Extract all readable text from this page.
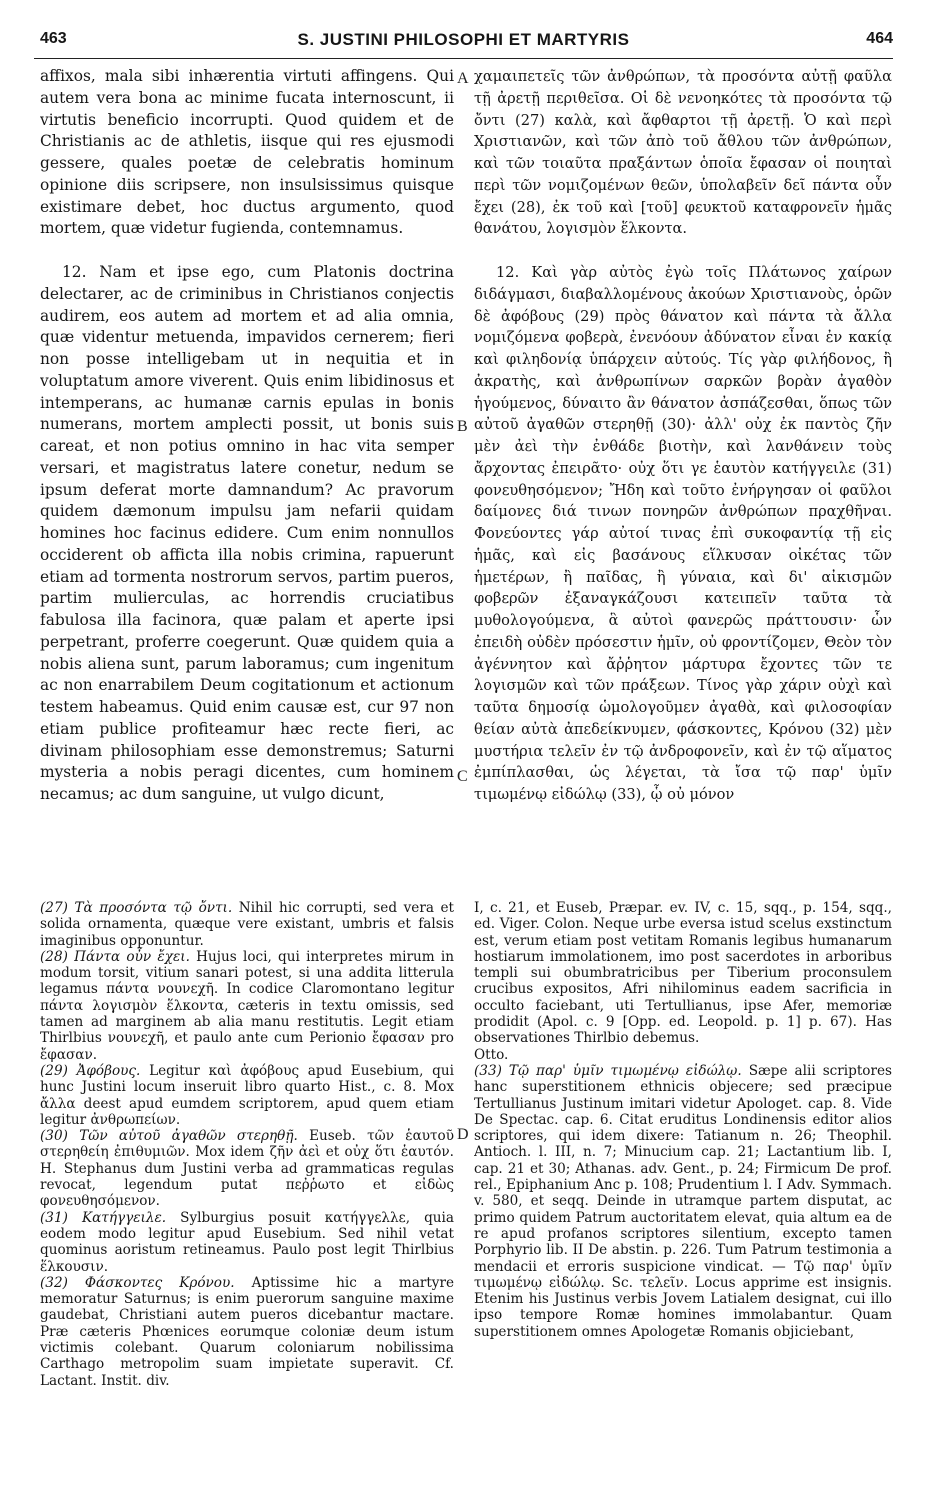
463	S. JUSTINI PHILOSOPHI ET MARTYRIS	464

affixos, mala sibi inhærentia virtuti affingens. Qui autem vera bona ac minime fucata internoscunt, ii virtutis beneficio incorrupti. Quod quidem et de Christianis ac de athletis, iisque qui res ejusmodi gessere, quales poetæ de celebratis hominum opinione diis scripsere, non insulsissimus quisque existimare debet, hoc ductus argumento, quod mortem, quæ videtur fugienda, contemnamus.

12. Nam et ipse ego, cum Platonis doctrina delectarer, ac de criminibus in Christianos conjectis audirem, eos autem ad mortem et ad alia omnia, quæ videntur metuenda, impavidos cernerem; fieri non posse intelligebam ut in nequitia et in voluptatum amore viverent. Quis enim libidinosus et intemperans, ac humanæ carnis epulas in bonis numerans, mortem amplecti possit, ut bonis suis careat, et non potius omnino in hac vita semper versari, et magistratus latere conetur, nedum se ipsum deferat morte damnandum? Ac pravorum quidem dæmonum impulsu jam nefarii quidam homines hoc facinus edidere. Cum enim nonnullos occiderent ob afficta illa nobis crimina, rapuerunt etiam ad tormenta nostrorum servos, partim pueros, partim mulierculas, ac horrendis cruciatibus fabulosa illa facinora, quæ palam et aperte ipsi perpetrant, proferre coegerunt. Quæ quidem quia a nobis aliena sunt, parum laboramus; cum ingenitum ac non enarrabilem Deum cogitationum et actionum testem habeamus. Quid enim causæ est, cur 97 non etiam publice profiteamur hæc recte fieri, ac divinam philosophiam esse demonstremus; Saturni mysteria a nobis peragi dicentes, cum hominem necamus; ac dum sanguine, ut vulgo dicunt,

χαμαιπετεῖς τῶν ἀνθρώπων, τὰ προσόντα αὐτῇ φαῦλα τῇ ἀρετῇ περιθεῖσα. Οἱ δὲ νενοηκότες τὰ προσόντα τῷ ὄντι (27) καλὰ, καὶ ἄφθαρτοι τῇ ἀρετῇ. Ὁ καὶ περὶ Χριστιανῶν, καὶ τῶν ἀπὸ τοῦ ἄθλου τῶν ἀνθρώπων, καὶ τῶν τοιαῦτα πραξάντων ὁποῖα ἔφασαν οἱ ποιηταὶ περὶ τῶν νομιζομένων θεῶν, ὑπολαβεῖν δεῖ πάντα οὖν ἔχει (28), ἐκ τοῦ καὶ [τοῦ] φευκτοῦ καταφρονεῖν ἡμᾶς θανάτου, λογισμὸν ἕλκοντα.

12. Καὶ γὰρ αὐτὸς ἐγὼ τοῖς Πλάτωνος χαίρων διδάγμασι, διαβαλλομένους ἀκούων Χριστιανοὺς, ὁρῶν δὲ ἀφόβους (29) πρὸς θάνατον καὶ πάντα τὰ ἄλλα νομιζόμενα φοβερὰ, ἐνενόουν ἀδύνατον εἶναι ἐν κακίᾳ καὶ φιληδονίᾳ ὑπάρχειν αὐτούς. Τίς γὰρ φιλήδονος, ἢ ἀκρατὴς, καὶ ἀνθρωπίνων σαρκῶν βορὰν ἀγαθὸν ἡγούμενος, δύναιτο ἂν θάνατον ἀσπάζεσθαι, ὅπως τῶν αὐτοῦ ἀγαθῶν στερηθῇ (30)· ἀλλ' οὐχ ἐκ παντὸς ζῆν μὲν ἀεὶ τὴν ἐνθάδε βιοτὴν, καὶ λανθάνειν τοὺς ἄρχοντας ἐπειρᾶτο· οὐχ ὅτι γε ἑαυτὸν κατήγγειλε (31) φονευθησόμενον; Ἤδη καὶ τοῦτο ἐνήργησαν οἱ φαῦλοι δαίμονες διά τινων πονηρῶν ἀνθρώπων πραχθῆναι. Φονεύοντες γάρ αὐτοί τινας ἐπὶ συκοφαντίᾳ τῇ εἰς ἡμᾶς, καὶ εἰς βασάνους εἵλκυσαν οἰκέτας τῶν ἡμετέρων, ἢ παῖδας, ἢ γύναια, καὶ δι' αἰκισμῶν φοβερῶν ἐξαναγκάζουσι κατειπεῖν ταῦτα τὰ μυθολογούμενα, ἃ αὐτοὶ φανερῶς πράττουσιν· ὧν ἐπειδὴ οὐδὲν πρόσεστιν ἡμῖν, οὐ φροντίζομεν, Θεὸν τὸν ἀγέννητον καὶ ἄῤῥητον μάρτυρα ἔχοντες τῶν τε λογισμῶν καὶ τῶν πράξεων. Τίνος γὰρ χάριν οὐχὶ καὶ ταῦτα δημοσίᾳ ὡμολογοῦμεν ἀγαθὰ, καὶ φιλοσοφίαν θείαν αὐτὰ ἀπεδείκνυμεν, φάσκοντες, Κρόνου (32) μὲν μυστήρια τελεῖν ἐν τῷ ἀνδροφονεῖν, καὶ ἐν τῷ αἵματος ἐμπίπλασθαι, ὡς λέγεται, τὰ ἴσα τῷ παρ' ὑμῖν τιμωμένῳ εἰδώλῳ (33), ᾧ οὐ μόνον

A
B
C
D

(27) Τὰ προσόντα τῷ ὄντι. Nihil hic corrupti, sed vera et solida ornamenta, quæque vere existant, umbris et falsis imaginibus opponuntur.

(28) Πάντα οὖν ἔχει. Hujus loci, qui interpretes mirum in modum torsit, vitium sanari potest, si una addita litterula legamus πάντα νουνεχῆ. In codice Claromontano legitur πάντα λογισμὸν ἕλκοντα, cæteris in textu omissis, sed tamen ad marginem ab alia manu restitutis. Legit etiam Thirlbius νουνεχῆ, et paulo ante cum Perionio ἔφασαν pro ἔφασαν.

(29) Ἀφόβους. Legitur καὶ ἀφόβους apud Eusebium, qui hunc Justini locum inseruit libro quarto Hist., c. 8. Mox ἄλλα deest apud eumdem scriptorem, apud quem etiam legitur ἀνθρωπείων.

(30) Τῶν αὐτοῦ ἀγαθῶν στερηθῇ. Euseb. τῶν ἑαυτοῦ στερηθείη ἐπιθυμιῶν. Mox idem ζῆν ἀεὶ et οὐχ ὅτι ἑαυτόν. H. Stephanus dum Justini verba ad grammaticas regulas revocat, legendum putat πεῤῥωτο et εἰδὼς φονευθησόμενον.

(31) Κατήγγειλε. Sylburgius posuit κατήγγελλε, quia eodem modo legitur apud Eusebium. Sed nihil vetat quominus aoristum retineamus. Paulo post legit Thirlbius ἕλκουσιν.

(32) Φάσκοντες Κρόνου. Aptissime hic a martyre memoratur Saturnus; is enim puerorum sanguine maxime gaudebat, Christiani autem pueros dicebantur mactare. Præ cæteris Phœnices eorumque coloniæ deum istum victimis colebant. Quarum coloniarum nobilissima Carthago metropolim suam impietate superavit. Cf. Lactant. Instit. div.

I, c. 21, et Euseb, Præpar. ev. IV, c. 15, sqq., p. 154, sqq., ed. Viger. Colon. Neque urbe eversa istud scelus exstinctum est, verum etiam post vetitam Romanis legibus humanarum hostiarum immolationem, imo post sacerdotes in arboribus templi sui obumbratricibus per Tiberium proconsulem crucibus expositos, Afri nihilominus eadem sacrificia in occulto faciebant, uti Tertullianus, ipse Afer, memoriæ prodidit (Apol. c. 9 [Opp. ed. Leopold. p. 1] p. 67). Has observationes Thirlbio debemus.

Otto.

(33) Τῷ παρ' ὑμῖν τιμωμένῳ εἰδώλῳ. Sæpe alii scriptores hanc superstitionem ethnicis objecere; sed præcipue Tertullianus Justinum imitari videtur Apologet. cap. 8. Vide De Spectac. cap. 6. Citat eruditus Londinensis editor alios scriptores, qui idem dixere: Tatianum n. 26; Theophil. Antioch. l. III, n. 7; Minucium cap. 21; Lactantium lib. I, cap. 21 et 30; Athanas. adv. Gent., p. 24; Firmicum De prof. rel., Epiphanium Anc p. 108; Prudentium l. I Adv. Symmach. v. 580, et seqq. Deinde in utramque partem disputat, ac primo quidem Patrum auctoritatem elevat, quia altum ea de re apud profanos scriptores silentium, excepto tamen Porphyrio lib. II De abstin. p. 226. Tum Patrum testimonia a mendacii et erroris suspicione vindicat. — Τῷ παρ' ὑμῖν τιμωμένῳ εἰδώλῳ. Sc. τελεῖν. Locus apprime est insignis. Etenim his Justinus verbis Jovem Latialem designat, cui illo ipso tempore Romæ homines immolabantur. Quam superstitionem omnes Apologetæ Romanis objiciebant,
